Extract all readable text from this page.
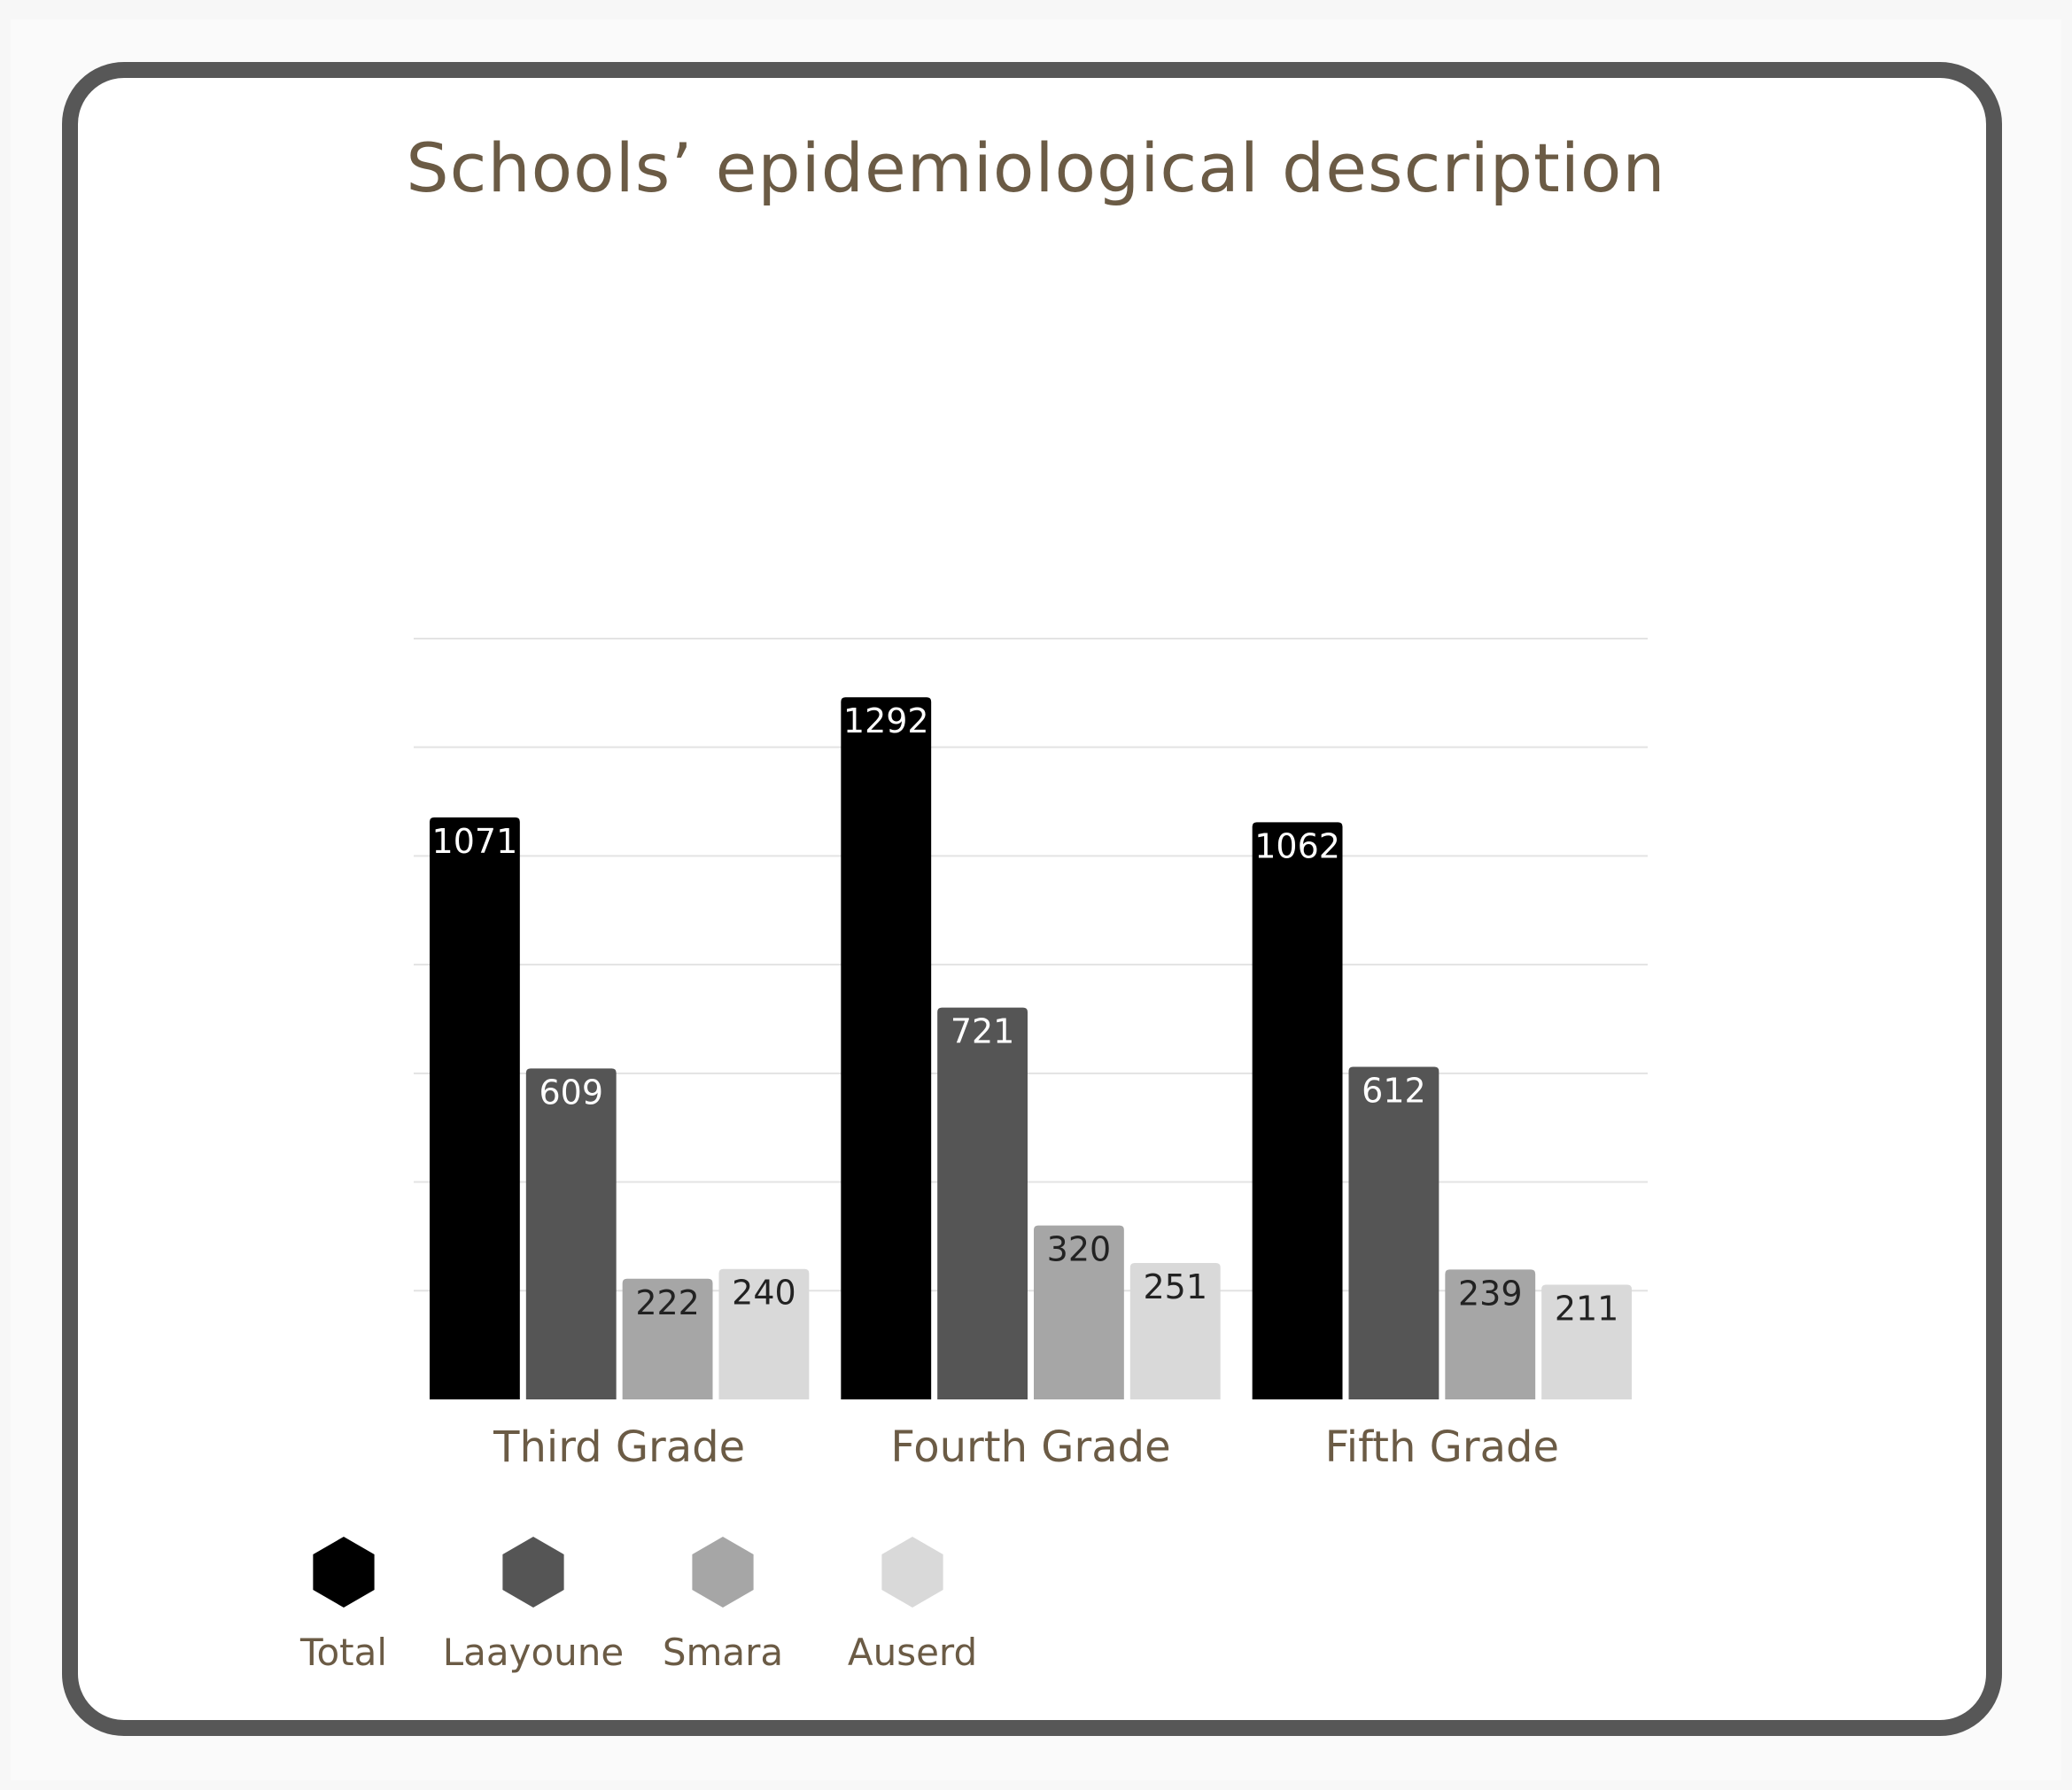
Schools’ epidemiological description
1071
609
222 240
1292
721
320
251
1062
612
239 211
Third Grade	Fourth Grade	Fifth Grade
Total Laayoune Smara Auserd
